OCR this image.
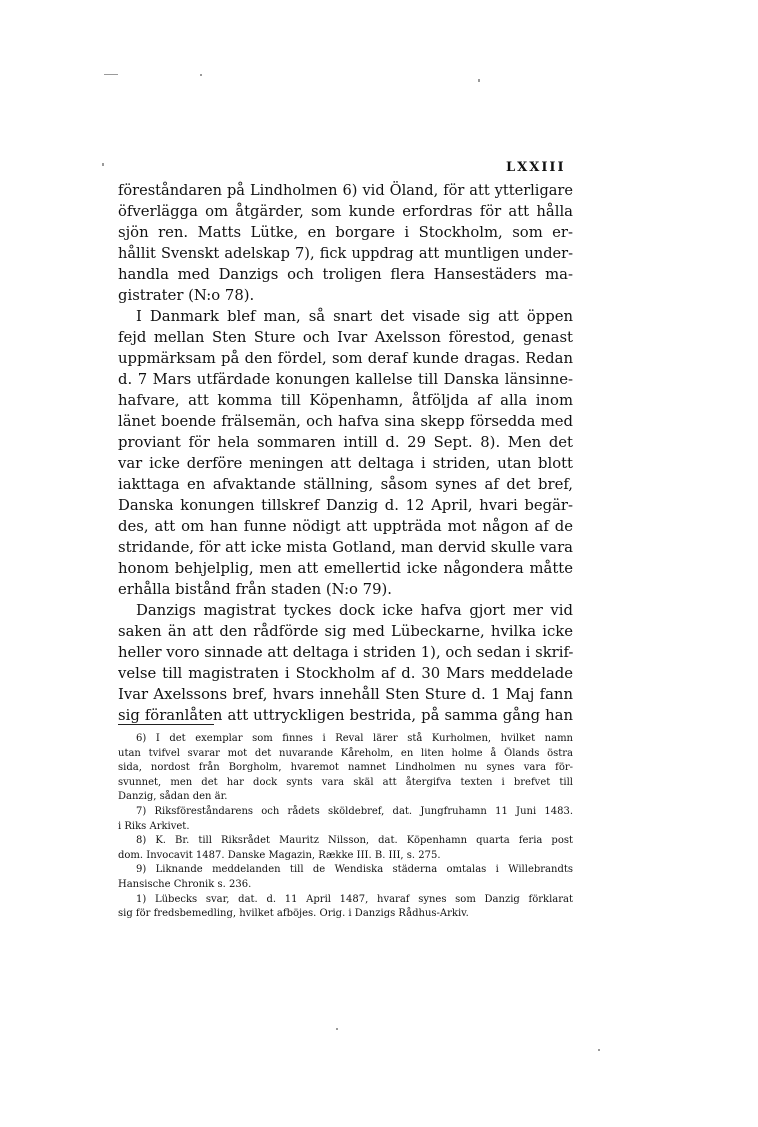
LXXIII
föreståndaren på Lindholmen 6) vid Öland, för att ytterligare
öfverlägga om åtgärder, som kunde erfordras för att hålla
sjön ren. Matts Lütke, en borgare i Stockholm, som er-
hållit Svenskt adelskap 7), fick uppdrag att muntligen under-
handla med Danzigs och troligen flera Hansestäders ma-
gistrater (N:o 78).
I Danmark blef man, så snart det visade sig att öppen
fejd mellan Sten Sture och Ivar Axelsson förestod, genast
uppmärksam på den fördel, som deraf kunde dragas. Redan
d. 7 Mars utfärdade konungen kallelse till Danska länsinne-
hafvare, att komma till Köpenhamn, åtföljda af alla inom
länet boende frälsemän, och hafva sina skepp försedda med
proviant för hela sommaren intill d. 29 Sept. 8). Men det
var icke derföre meningen att deltaga i striden, utan blott
iakttaga en afvaktande ställning, såsom synes af det bref,
Danska konungen tillskref Danzig d. 12 April, hvari begär-
des, att om han funne nödigt att uppträda mot någon af de
stridande, för att icke mista Gotland, man dervid skulle vara
honom behjelplig, men att emellertid icke någondera måtte
erhålla bistånd från staden (N:o 79).
Danzigs magistrat tyckes dock icke hafva gjort mer vid
saken än att den rådförde sig med Lübeckarne, hvilka icke
heller voro sinnade att deltaga i striden 1), och sedan i skrif-
velse till magistraten i Stockholm af d. 30 Mars meddelade
Ivar Axelssons bref, hvars innehåll Sten Sture d. 1 Maj fann
sig föranlåten att uttryckligen bestrida, på samma gång han
6) I det exemplar som finnes i Reval lärer stå Kurholmen, hvilket namn
utan tvifvel svarar mot det nuvarande Kåreholm, en liten holme å Ölands östra
sida, nordost från Borgholm, hvaremot namnet Lindholmen nu synes vara för-
svunnet, men det har dock synts vara skäl att återgifva texten i brefvet till
Danzig, sådan den är.
7) Riksföreståndarens och rådets sköldebref, dat. Jungfruhamn 11 Juni 1483.
i Riks Arkivet.
8) K. Br. till Riksrådet Mauritz Nilsson, dat. Köpenhamn quarta feria post
dom. Invocavit 1487. Danske Magazin, Række III. B. III, s. 275.
9) Liknande meddelanden till de Wendiska städerna omtalas i Willebrandts
Hansische Chronik s. 236.
1) Lübecks svar, dat. d. 11 April 1487, hvaraf synes som Danzig förklarat
sig för fredsbemedling, hvilket afböjes. Orig. i Danzigs Rådhus-Arkiv.
